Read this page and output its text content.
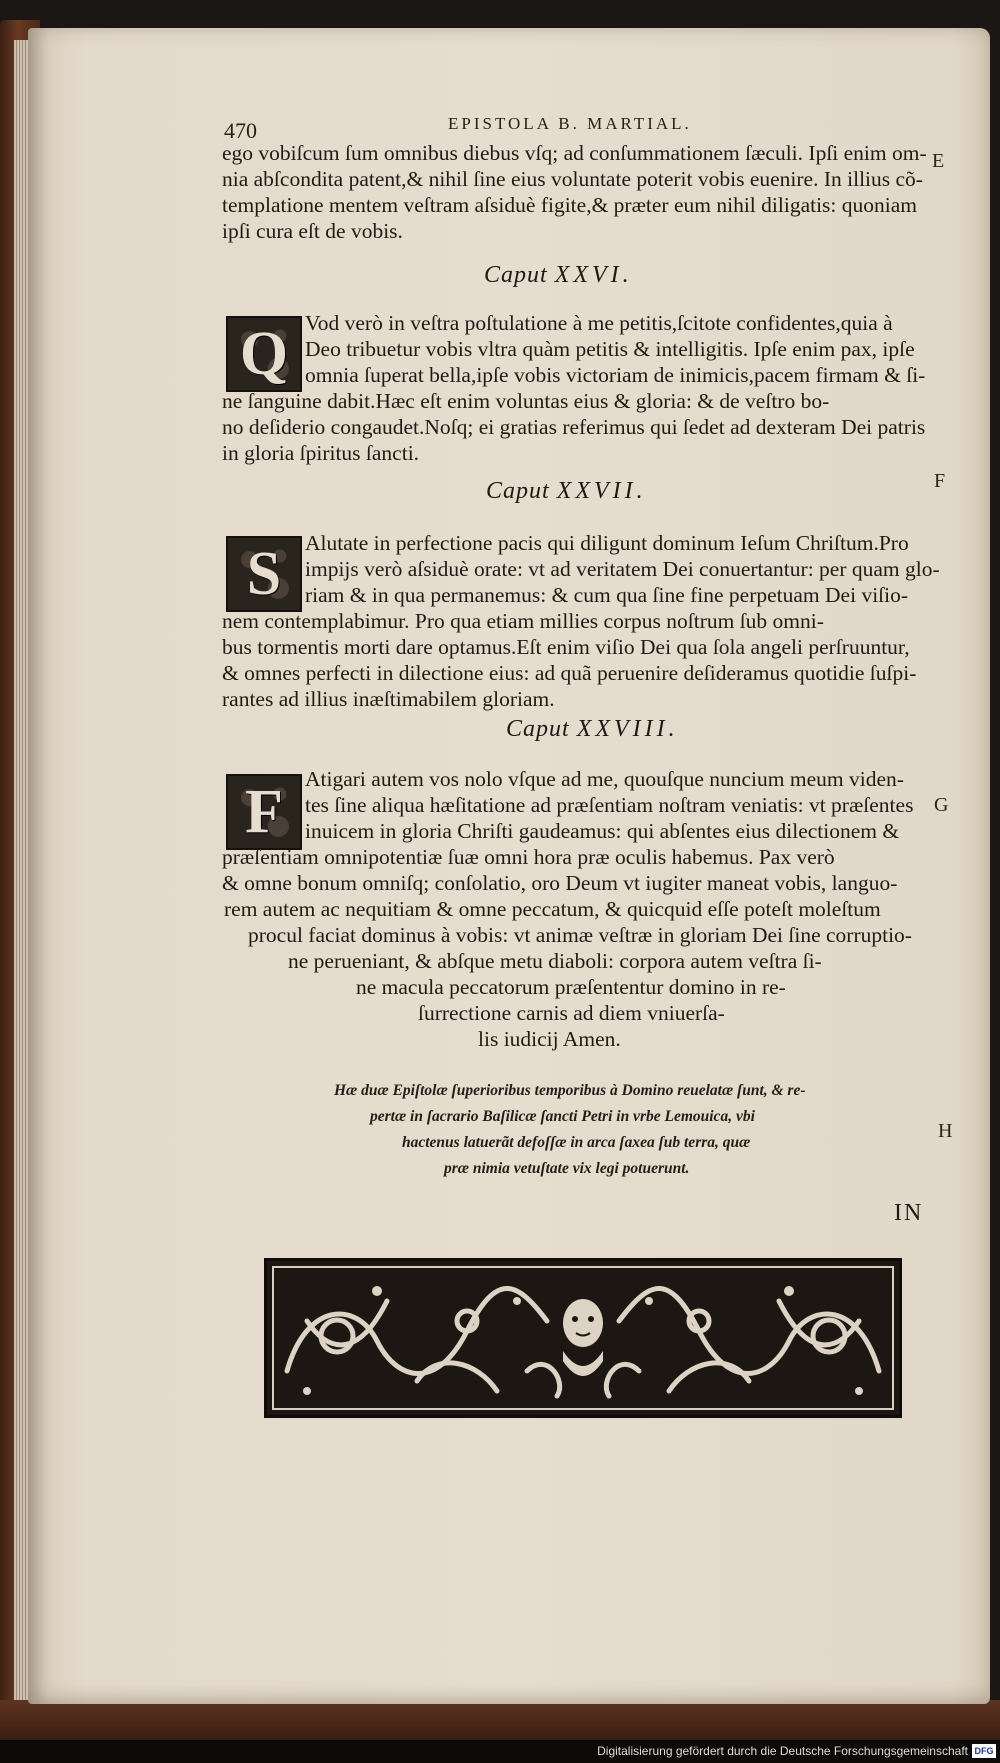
470	EPISTOLA B. MARTIAL.
ego vobiſcum ſum omnibus diebus vſq; ad conſummationem ſæculi. Ipſi enim om-
nia abſcondita patent,& nihil ſine eius voluntate poterit vobis euenire. In illius cõ-
templatione mentem veſtram aſsiduè figite,& præter eum nihil diligatis: quoniam
ipſi cura eſt de vobis.
Caput XXVI.
Q Vod verò in veſtra poſtulatione à me petitis,ſcitote confidentes,quia à
Deo tribuetur vobis vltra quàm petitis & intelligitis. Ipſe enim pax, ipſe
omnia ſuperat bella,ipſe vobis victoriam de inimicis,pacem firmam & ſi-
ne ſanguine dabit.Hæc eſt enim voluntas eius & gloria: & de veſtro bo-
no deſiderio congaudet.Noſq; ei gratias referimus qui ſedet ad dexteram Dei patris
in gloria ſpiritus ſancti.
Caput XXVII.
S Alutate in perfectione pacis qui diligunt dominum Ieſum Chriſtum.Pro
impijs verò aſsiduè orate: vt ad veritatem Dei conuertantur: per quam glo-
riam & in qua permanemus: & cum qua ſine fine perpetuam Dei viſio-
nem contemplabimur. Pro qua etiam millies corpus noſtrum ſub omni-
bus tormentis morti dare optamus.Eſt enim viſio Dei qua ſola angeli perſruuntur,
& omnes perfecti in dilectione eius: ad quã peruenire deſideramus quotidie ſuſpi-
rantes ad illius inæſtimabilem gloriam.
Caput XXVIII.
F Atigari autem vos nolo vſque ad me, quouſque nuncium meum viden-
tes ſine aliqua hæſitatione ad præſentiam noſtram veniatis: vt præſentes
inuicem in gloria Chriſti gaudeamus: qui abſentes eius dilectionem &
præſentiam omnipotentiæ ſuæ omni hora præ oculis habemus. Pax verò
& omne bonum omniſq; conſolatio, oro Deum vt iugiter maneat vobis, languo-
rem autem ac nequitiam & omne peccatum, & quicquid eſſe poteſt moleſtum
procul faciat dominus à vobis: vt animæ veſtræ in gloriam Dei ſine corruptio-
ne perueniant, & abſque metu diaboli: corpora autem veſtra ſi-
ne macula peccatorum præſententur domino in re-
ſurrectione carnis ad diem vniuerſa-
lis iudicij Amen.
Hæ duæ Epiſtolæ ſuperioribus temporibus à Domino reuelatæ ſunt, & re-
pertæ in ſacrario Baſilicæ ſancti Petri in vrbe Lemouica, vbi
hactenus latuerãt defoſſæ in arca ſaxea ſub terra, quæ
præ nimia vetuſtate vix legi potuerunt.
E
F
G
H
IN
Digitalisierung gefördert durch die Deutsche Forschungsgemeinschaft DFG
